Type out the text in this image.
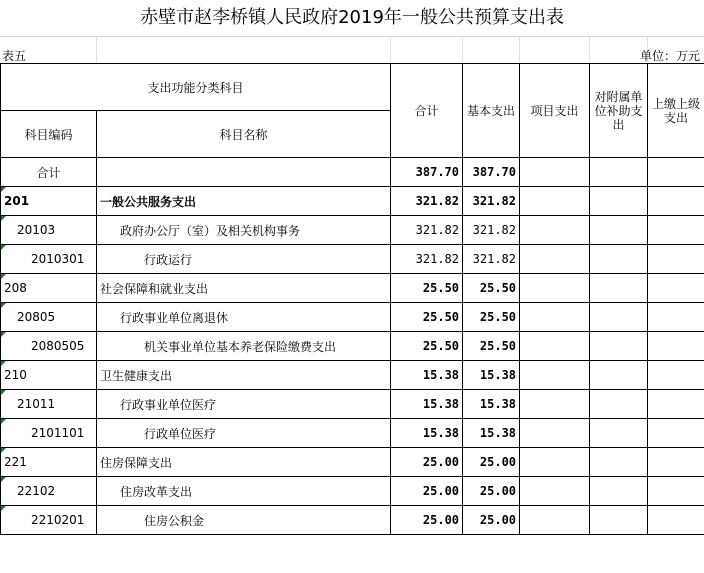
赤壁市赵李桥镇人民政府2019年一般公共预算支出表
表五	单位：万元
支出功能分类科目		合计	基本支出	项目支出	对附属单位补助支出	上缴上级支出
科目编码	科目名称					
合计		387.70	387.70			

201	一般公共服务支出	321.82	321.82			

20103	政府办公厅（室）及相关机构事务	321.82	321.82			

2010301	行政运行	321.82	321.82			

208	社会保障和就业支出	25.50	25.50			

20805	行政事业单位离退休	25.50	25.50			

2080505	机关事业单位基本养老保险缴费支出	25.50	25.50			

210	卫生健康支出	15.38	15.38			

21011	行政事业单位医疗	15.38	15.38			

2101101	行政单位医疗	15.38	15.38			

221	住房保障支出	25.00	25.00			

22102	住房改革支出	25.00	25.00			

2210201	住房公积金	25.00	25.00			
